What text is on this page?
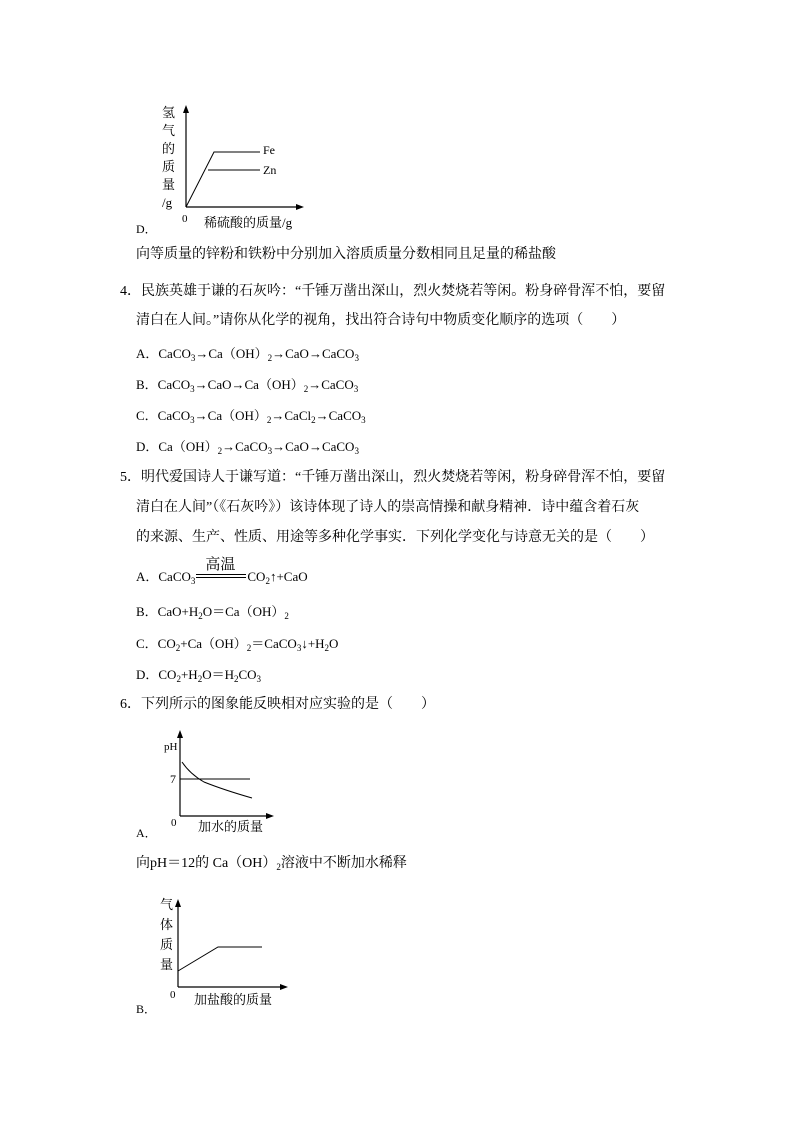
氢
气
的
质
量
/g
0 稀硫酸的质量/g
Fe
Zn
D．
向等质量的锌粉和铁粉中分别加入溶质质量分数相同且足量的稀盐酸
4．民族英雄于谦的石灰吟：“千锤万凿出深山，烈火焚烧若等闲。粉身碎骨浑不怕，要留
清白在人间。”请你从化学的视角，找出符合诗句中物质变化顺序的选项（　　）
A．$CaCO_3\to Ca(OH)_2\to CaO\to CaCO_3$
B．$CaCO_3\to CaO\to Ca(OH)_2\to CaCO_3$
C．$CaCO_3\to Ca(OH)_2\to CaCl_2\to CaCO_3$
D．$Ca(OH)_2\to CaCO_3\to CaO\to CaCO_3$
5．明代爱国诗人于谦写道：“千锤万凿出深山，烈火焚烧若等闲，粉身碎骨浑不怕，要留
清白在人间”（《石灰吟》）该诗体现了诗人的崇高情操和献身精神．诗中蕴含着石灰
的来源、生产、性质、用途等多种化学事实．下列化学变化与诗意无关的是（　　）
A．CaCO$_3$
高温
$CO_2↑+CaO$
B．$CaO+H_2O=Ca(OH)_2$
C．$CO_2+Ca(OH)_2=CaCO_3↓+H_2O$
D．$CO_2+H_2O=H_2CO_3$
6．下列所示的图象能反映相对应实验的是（　　）
pH
7
0 加水的质量
A．
向pH＝12的 $Ca(OH)_2$溶液中不断加水稀释
气
体
质
量
0 加盐酸的质量
B．
